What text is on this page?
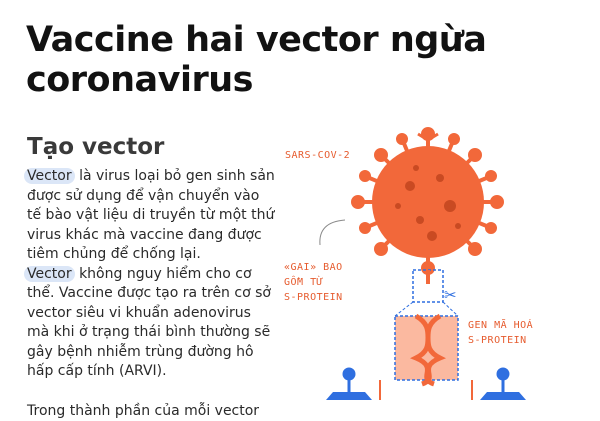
Vaccine hai vector ngừa coronavirus
Tạo vector

Vector là virus loại bỏ gen sinh sản được sử dụng để vận chuyển vào tế bào vật liệu di truyền từ một thứ virus khác mà vaccine đang được tiêm chủng để chống lại.

Vector không nguy hiểm cho cơ thể. Vaccine được tạo ra trên cơ sở vector siêu vi khuẩn adenovirus mà khi ở trạng thái bình thường sẽ gây bệnh nhiễm trùng đường hô hấp cấp tính (ARVI).

Trong thành phần của mỗi vector

SARS-COV-2
«GAI» BAO
GỒM TỪ
S-PROTEIN
GEN MÃ HOÁ
S-PROTEIN
✂
